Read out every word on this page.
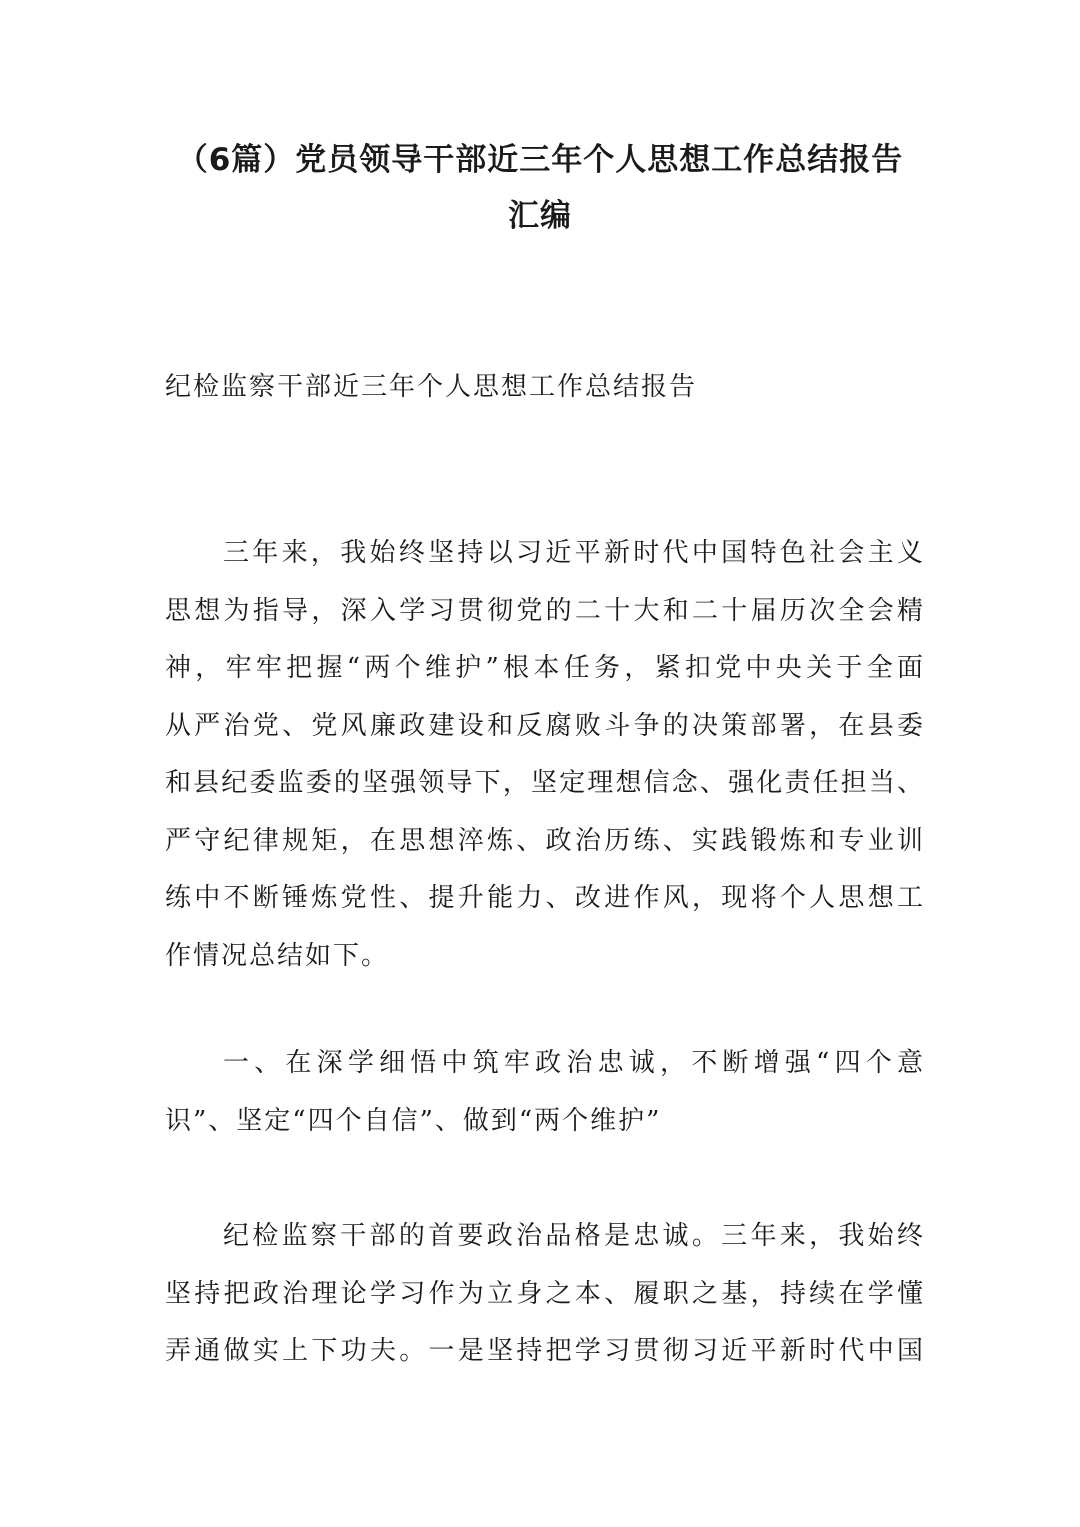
（6篇）党员领导干部近三年个人思想工作总结报告
汇编
纪检监察干部近三年个人思想工作总结报告
三年来，我始终坚持以习近平新时代中国特色社会主义
思想为指导，深入学习贯彻党的二十大和二十届历次全会精
神，牢牢把握“两个维护”根本任务，紧扣党中央关于全面
从严治党、党风廉政建设和反腐败斗争的决策部署，在县委
和县纪委监委的坚强领导下，坚定理想信念、强化责任担当、
严守纪律规矩，在思想淬炼、政治历练、实践锻炼和专业训
练中不断锤炼党性、提升能力、改进作风，现将个人思想工
作情况总结如下。
一、在深学细悟中筑牢政治忠诚，不断增强“四个意
识”、坚定“四个自信”、做到“两个维护”
纪检监察干部的首要政治品格是忠诚。三年来，我始终
坚持把政治理论学习作为立身之本、履职之基，持续在学懂
弄通做实上下功夫。一是坚持把学习贯彻习近平新时代中国
